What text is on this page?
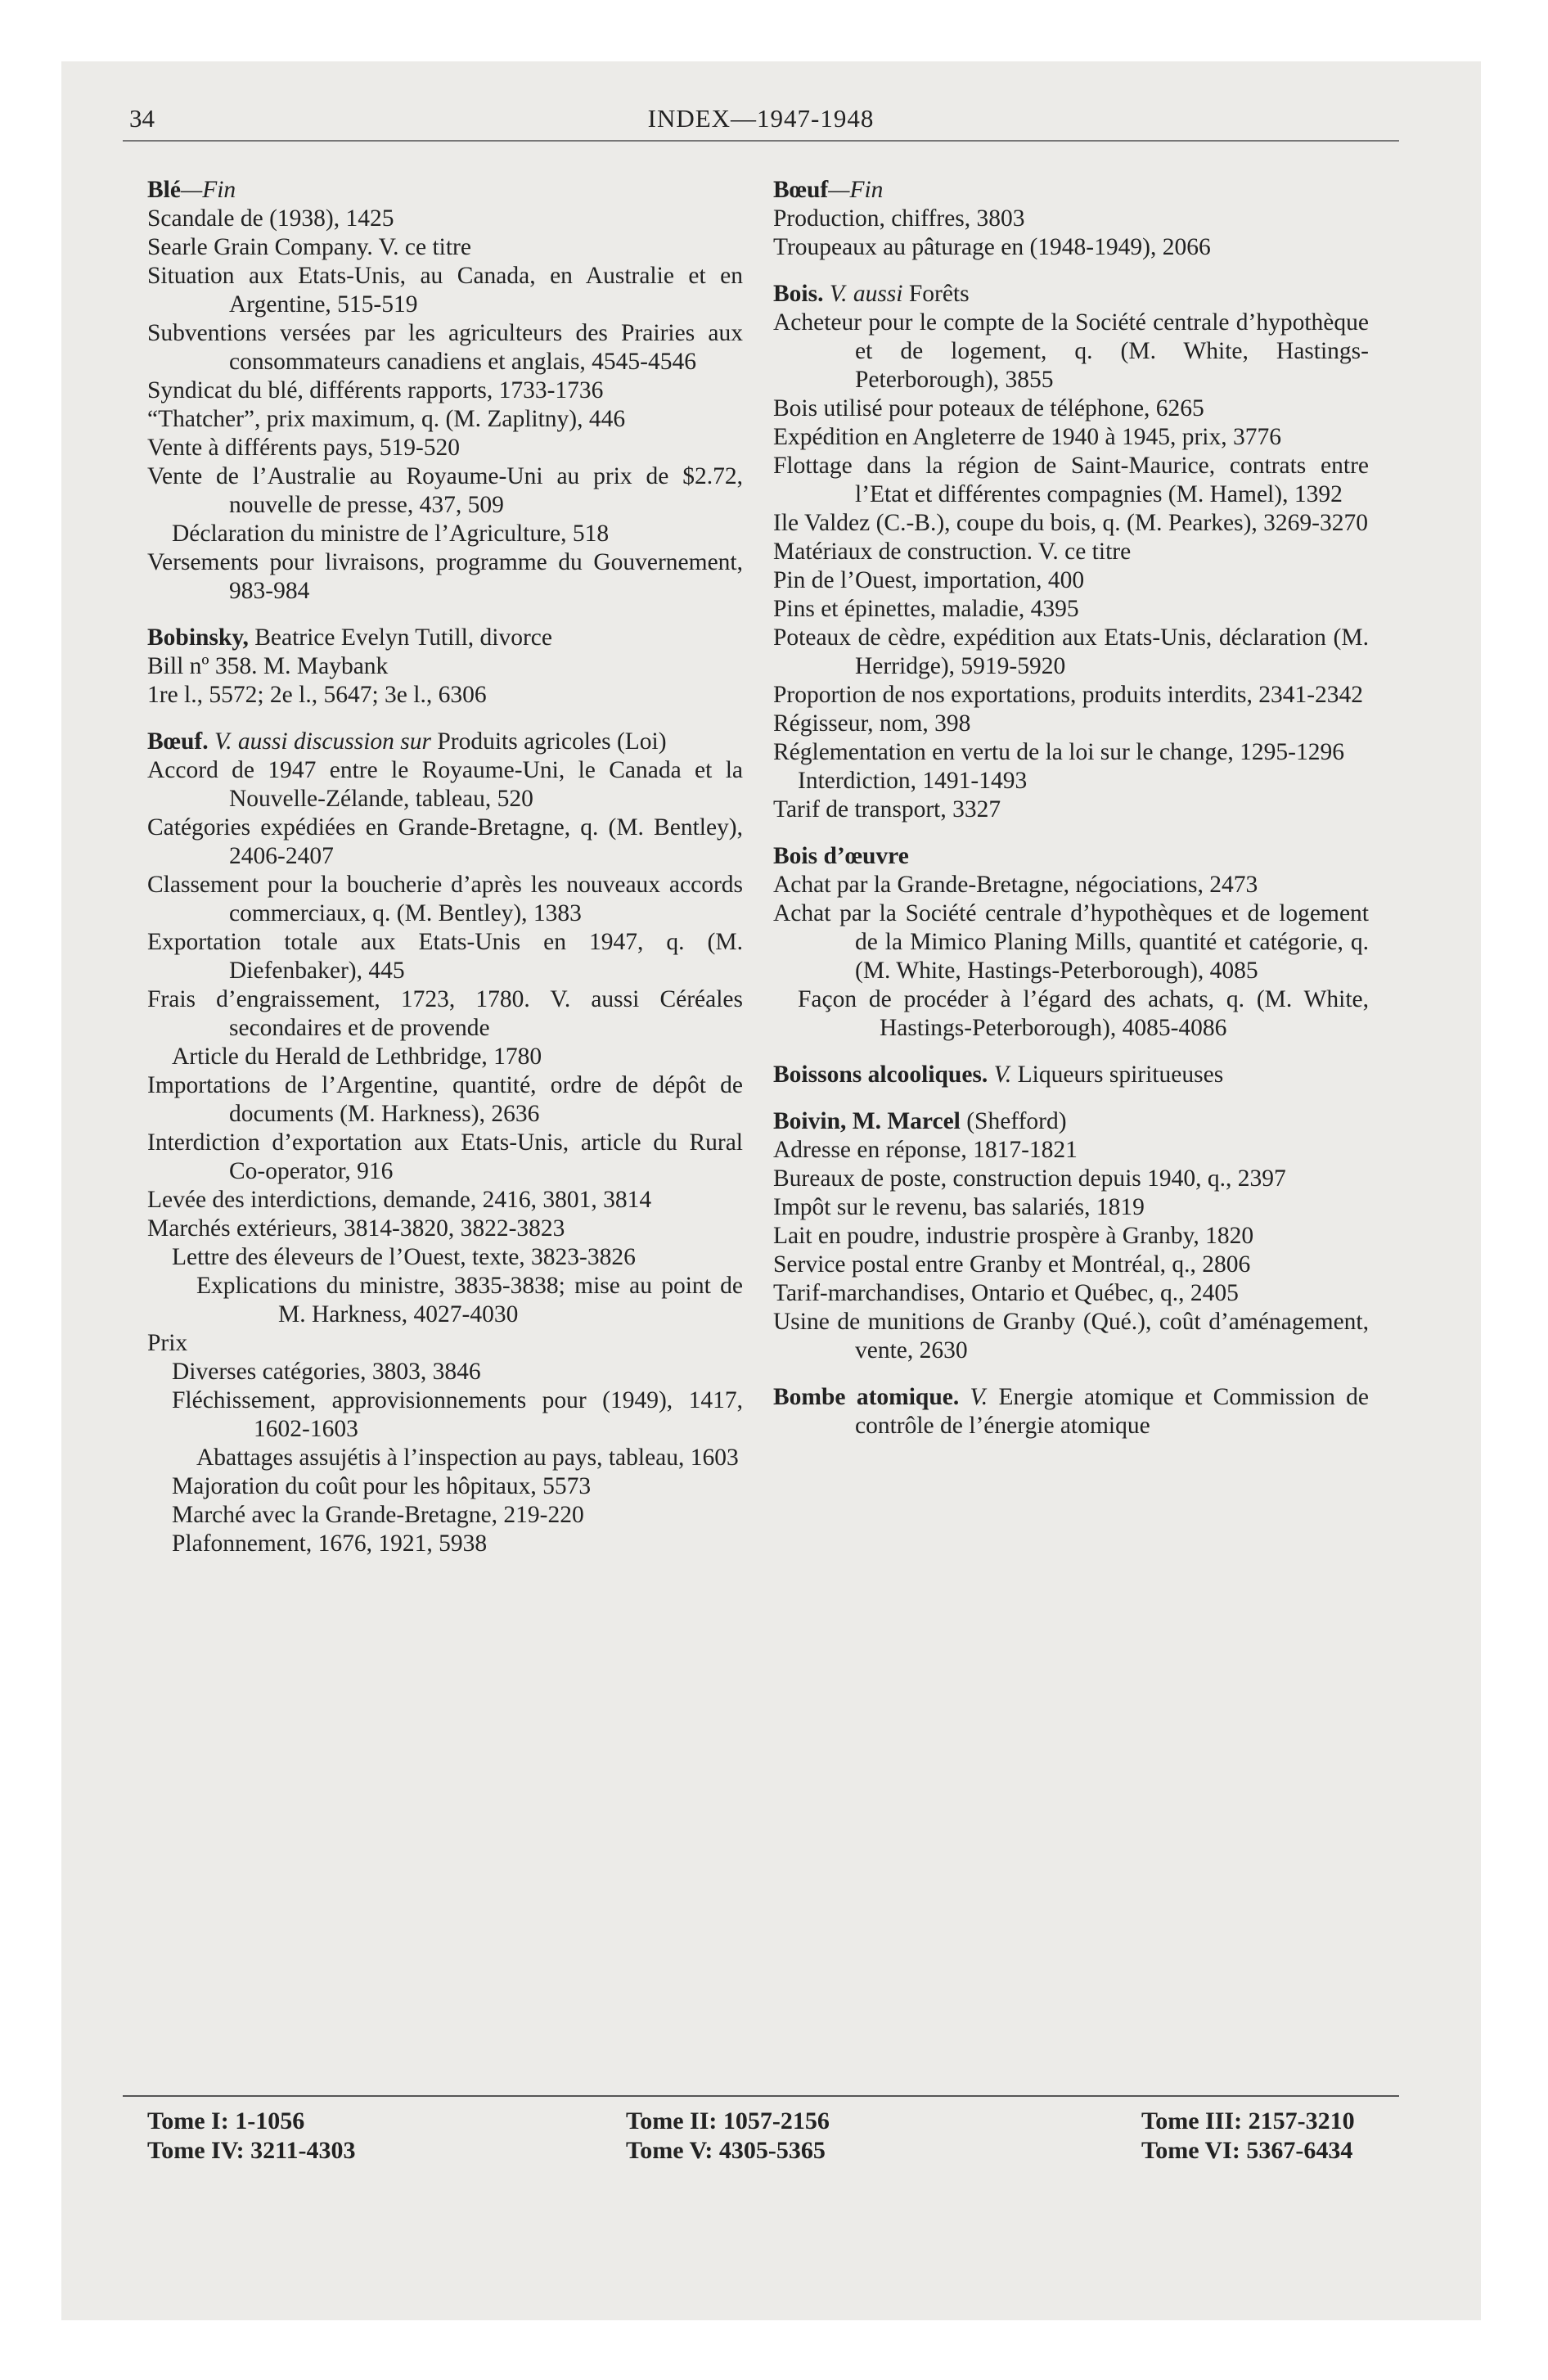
34	INDEX—1947-1948
Blé—Fin
Scandale de (1938), 1425
Searle Grain Company. V. ce titre
Situation aux Etats-Unis, au Canada, en Australie et en Argentine, 515-519
Subventions versées par les agriculteurs des Prairies aux consommateurs canadiens et anglais, 4545-4546
Syndicat du blé, différents rapports, 1733-1736
“Thatcher”, prix maximum, q. (M. Zaplitny), 446
Vente à différents pays, 519-520
Vente de l’Australie au Royaume-Uni au prix de $2.72, nouvelle de presse, 437, 509
Déclaration du ministre de l’Agriculture, 518
Versements pour livraisons, programme du Gouvernement, 983-984
Bobinsky, Beatrice Evelyn Tutill, divorce
Bill nº 358. M. Maybank
1re l., 5572; 2e l., 5647; 3e l., 6306
Bœuf. V. aussi discussion sur Produits agricoles (Loi)
Accord de 1947 entre le Royaume-Uni, le Canada et la Nouvelle-Zélande, tableau, 520
Catégories expédiées en Grande-Bretagne, q. (M. Bentley), 2406-2407
Classement pour la boucherie d’après les nouveaux accords commerciaux, q. (M. Bentley), 1383
Exportation totale aux Etats-Unis en 1947, q. (M. Diefenbaker), 445
Frais d’engraissement, 1723, 1780. V. aussi Céréales secondaires et de provende
Article du Herald de Lethbridge, 1780
Importations de l’Argentine, quantité, ordre de dépôt de documents (M. Harkness), 2636
Interdiction d’exportation aux Etats-Unis, article du Rural Co-operator, 916
Levée des interdictions, demande, 2416, 3801, 3814
Marchés extérieurs, 3814-3820, 3822-3823
Lettre des éleveurs de l’Ouest, texte, 3823-3826
Explications du ministre, 3835-3838; mise au point de M. Harkness, 4027-4030
Prix
Diverses catégories, 3803, 3846
Fléchissement, approvisionnements pour (1949), 1417, 1602-1603
Abattages assujétis à l’inspection au pays, tableau, 1603
Majoration du coût pour les hôpitaux, 5573
Marché avec la Grande-Bretagne, 219-220
Plafonnement, 1676, 1921, 5938
Bœuf—Fin
Production, chiffres, 3803
Troupeaux au pâturage en (1948-1949), 2066
Bois. V. aussi Forêts
Acheteur pour le compte de la Société centrale d’hypothèque et de logement, q. (M. White, Hastings-Peterborough), 3855
Bois utilisé pour poteaux de téléphone, 6265
Expédition en Angleterre de 1940 à 1945, prix, 3776
Flottage dans la région de Saint-Maurice, contrats entre l’Etat et différentes compagnies (M. Hamel), 1392
Ile Valdez (C.-B.), coupe du bois, q. (M. Pearkes), 3269-3270
Matériaux de construction. V. ce titre
Pin de l’Ouest, importation, 400
Pins et épinettes, maladie, 4395
Poteaux de cèdre, expédition aux Etats-Unis, déclaration (M. Herridge), 5919-5920
Proportion de nos exportations, produits interdits, 2341-2342
Régisseur, nom, 398
Réglementation en vertu de la loi sur le change, 1295-1296
Interdiction, 1491-1493
Tarif de transport, 3327
Bois d’œuvre
Achat par la Grande-Bretagne, négociations, 2473
Achat par la Société centrale d’hypothèques et de logement de la Mimico Planing Mills, quantité et catégorie, q. (M. White, Hastings-Peterborough), 4085
Façon de procéder à l’égard des achats, q. (M. White, Hastings-Peterborough), 4085-4086
Boissons alcooliques. V. Liqueurs spiritueuses
Boivin, M. Marcel (Shefford)
Adresse en réponse, 1817-1821
Bureaux de poste, construction depuis 1940, q., 2397
Impôt sur le revenu, bas salariés, 1819
Lait en poudre, industrie prospère à Granby, 1820
Service postal entre Granby et Montréal, q., 2806
Tarif-marchandises, Ontario et Québec, q., 2405
Usine de munitions de Granby (Qué.), coût d’aménagement, vente, 2630
Bombe atomique. V. Energie atomique et Commission de contrôle de l’énergie atomique
Tome I: 1-1056	Tome II: 1057-2156	Tome III: 2157-3210
Tome IV: 3211-4303	Tome V: 4305-5365	Tome VI: 5367-6434
